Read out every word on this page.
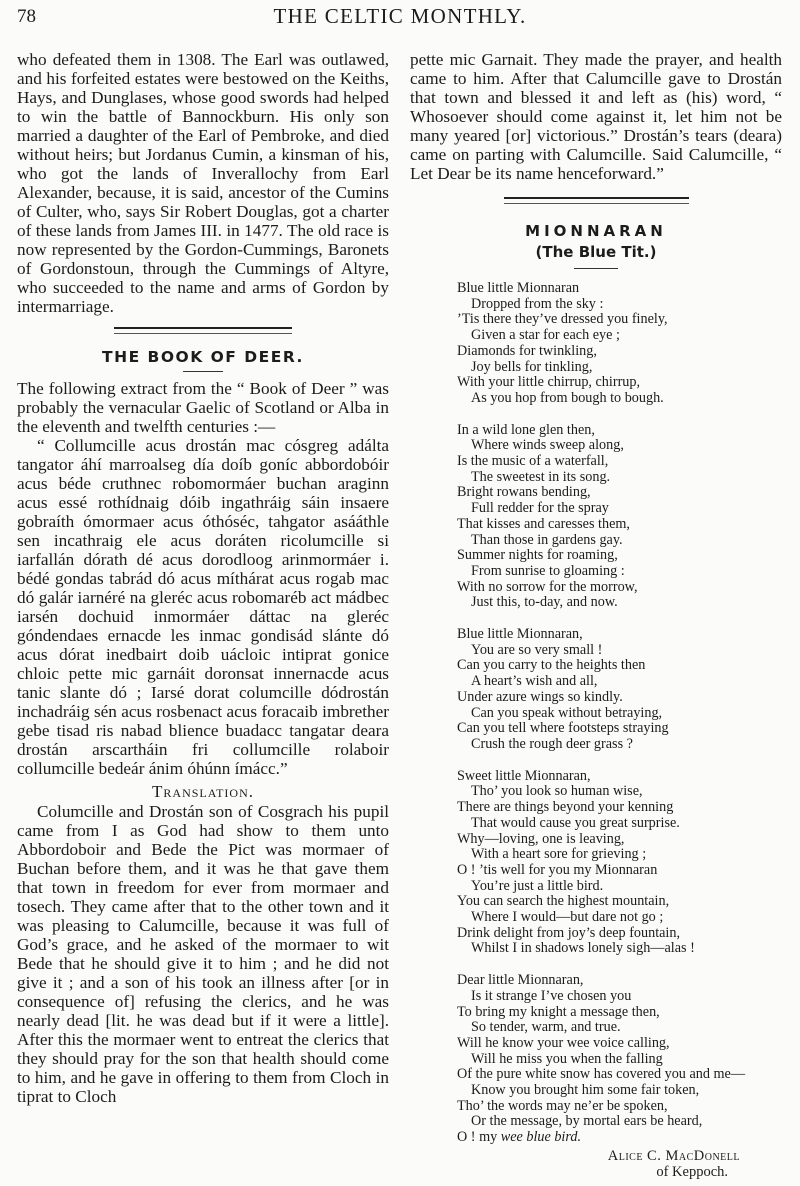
78	THE CELTIC MONTHLY.

who defeated them in 1308. The Earl was outlawed, and his forfeited estates were bestowed on the Keiths, Hays, and Dunglases, whose good swords had helped to win the battle of Bannockburn. His only son married a daughter of the Earl of Pembroke, and died without heirs; but Jordanus Cumin, a kinsman of his, who got the lands of Inverallochy from Earl Alexander, because, it is said, ancestor of the Cumins of Culter, who, says Sir Robert Douglas, got a charter of these lands from James III. in 1477. The old race is now represented by the Gordon-Cummings, Baronets of Gordonstoun, through the Cummings of Altyre, who succeeded to the name and arms of Gordon by intermarriage.

THE BOOK OF DEER.

The following extract from the “ Book of Deer ” was probably the vernacular Gaelic of Scotland or Alba in the eleventh and twelfth centuries :—

“ Collumcille acus drostán mac cósgreg adálta tangator áhí marroalseg día doíb goníc abbordobóir acus béde cruthnec robomormáer buchan araginn acus essé rothídnaig dóib ingathráig sáin insaere gobraíth ómormaer acus óthóséc, tahgator asááthle sen incathraig ele acus doráten ricolumcille si iarfallán dórath dé acus dorodloog arinmormáer i. bédé gondas tabrád dó acus míthárat acus rogab mac dó galár iarnéré na gleréc acus robomaréb act mádbec iarsén dochuid inmormáer dáttac na gleréc góndendaes ernacde les inmac gondisád slánte dó acus dórat inedbairt doib uácloic intiprat gonice chloic pette mic garnáit doronsat innernacde acus tanic slante dó ; Iarsé dorat columcille dódrostán inchadráig sén acus rosbenact acus foracaib imbrether gebe tisad ris nabad blience buadacc tangatar deara drostán arscartháin fri collumcille rolaboir collumcille bedeár ánim óhúnn ímácc.”

Translation.

Columcille and Drostán son of Cosgrach his pupil came from I as God had show to them unto Abbordoboir and Bede the Pict was mormaer of Buchan before them, and it was he that gave them that town in freedom for ever from mormaer and tosech. They came after that to the other town and it was pleasing to Calumcille, because it was full of God’s grace, and he asked of the mormaer to wit Bede that he should give it to him ; and he did not give it ; and a son of his took an illness after [or in consequence of] refusing the clerics, and he was nearly dead [lit. he was dead but if it were a little]. After this the mormaer went to entreat the clerics that they should pray for the son that health should come to him, and he gave in offering to them from Cloch in tiprat to Cloch

pette mic Garnait. They made the prayer, and health came to him. After that Calumcille gave to Drostán that town and blessed it and left as (his) word, “ Whosoever should come against it, let him not be many yeared [or] victorious.” Drostán’s tears (deara) came on parting with Calumcille. Said Calumcille, “ Let Dear be its name henceforward.”

MIONNARAN
(The Blue Tit.)
Blue little Mionnaran
Dropped from the sky :
’Tis there they’ve dressed you finely,
Given a star for each eye ;
Diamonds for twinkling,
Joy bells for tinkling,
With your little chirrup, chirrup,
As you hop from bough to bough.
In a wild lone glen then,
Where winds sweep along,
Is the music of a waterfall,
The sweetest in its song.
Bright rowans bending,
Full redder for the spray
That kisses and caresses them,
Than those in gardens gay.
Summer nights for roaming,
From sunrise to gloaming :
With no sorrow for the morrow,
Just this, to-day, and now.
Blue little Mionnaran,
You are so very small !
Can you carry to the heights then
A heart’s wish and all,
Under azure wings so kindly.
Can you speak without betraying,
Can you tell where footsteps straying
Crush the rough deer grass ?
Sweet little Mionnaran,
Tho’ you look so human wise,
There are things beyond your kenning
That would cause you great surprise.
Why—loving, one is leaving,
With a heart sore for grieving ;
O ! ’tis well for you my Mionnaran
You’re just a little bird.
You can search the highest mountain,
Where I would—but dare not go ;
Drink delight from joy’s deep fountain,
Whilst I in shadows lonely sigh—alas !
Dear little Mionnaran,
Is it strange I’ve chosen you
To bring my knight a message then,
So tender, warm, and true.
Will he know your wee voice calling,
Will he miss you when the falling
Of the pure white snow has covered you and me—
Know you brought him some fair token,
Tho’ the words may ne’er be spoken,
Or the message, by mortal ears be heard,
O ! my wee blue bird.
Alice C. MacDonell
of Keppoch.
